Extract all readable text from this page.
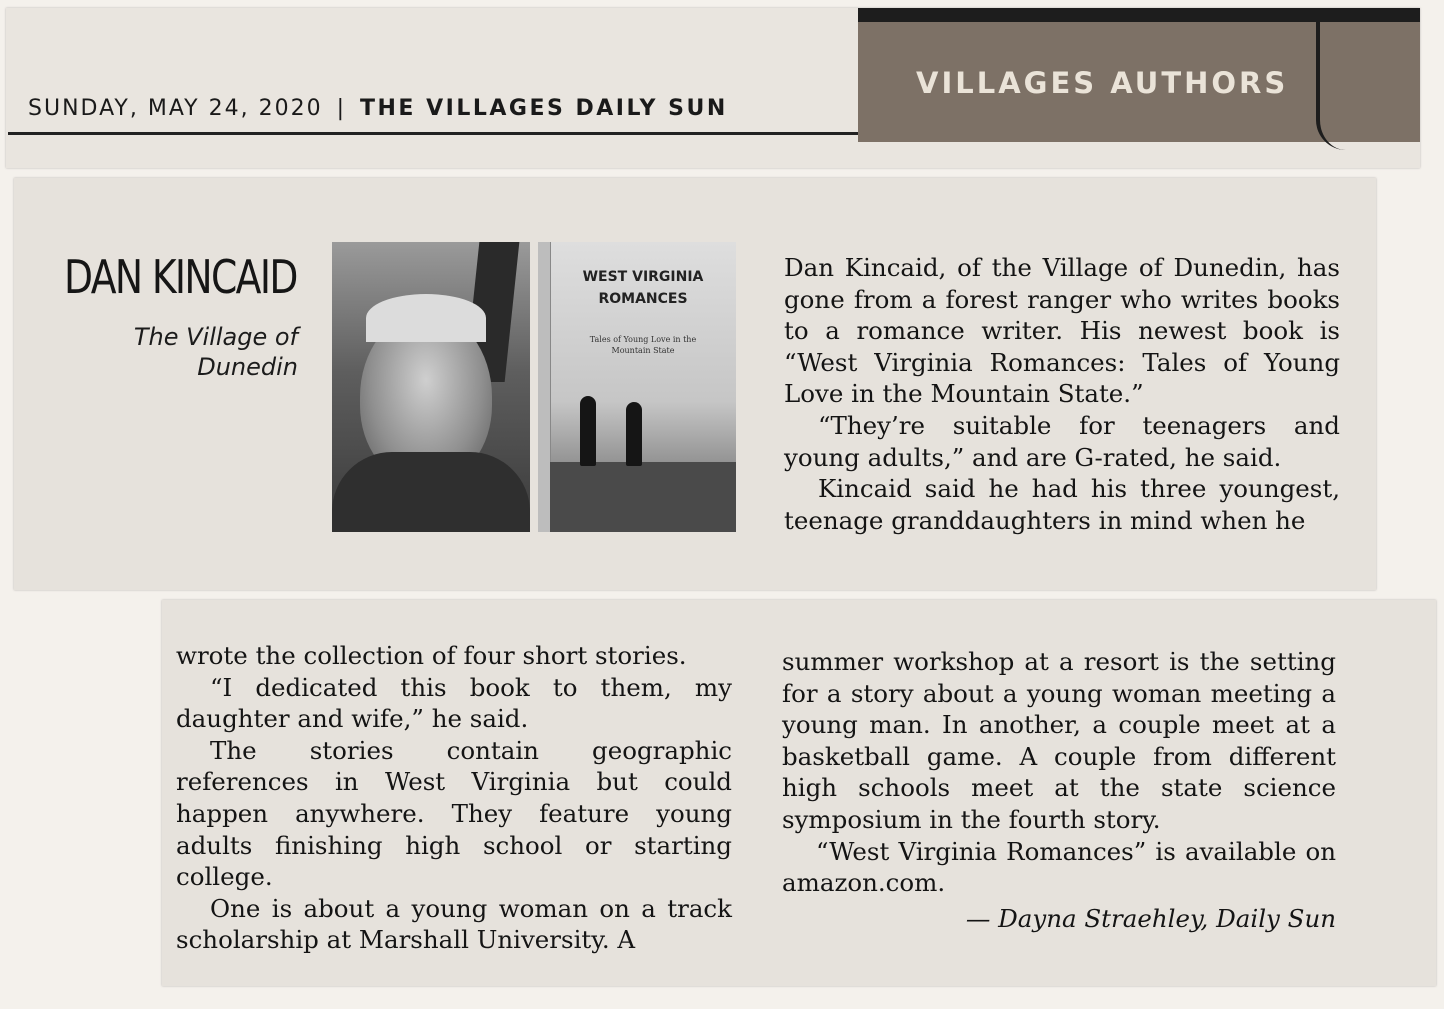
SUNDAY, MAY 24, 2020 | THE VILLAGES DAILY SUN
VILLAGES AUTHORS
DAN KINCAID
The Village of Dunedin
WEST VIRGINIA
ROMANCES
Tales of Young Love in the Mountain State

Dan Kincaid, of the Village of Dunedin, has gone from a forest ranger who writes books to a romance writer. His newest book is “West Virginia Romances: Tales of Young Love in the Mountain State.”

“They’re suitable for teenagers and young adults,” and are G-rated, he said.

Kincaid said he had his three youngest, teenage granddaughters in mind when he

wrote the collection of four short stories.

“I dedicated this book to them, my daughter and wife,” he said.

The stories contain geographic references in West Virginia but could happen anywhere. They feature young adults finishing high school or starting college.

One is about a young woman on a track scholarship at Marshall University. A

summer workshop at a resort is the setting for a story about a young woman meeting a young man. In another, a couple meet at a basketball game. A couple from different high schools meet at the state science symposium in the fourth story.

“West Virginia Romances” is available on amazon.com.

— Dayna Straehley, Daily Sun
